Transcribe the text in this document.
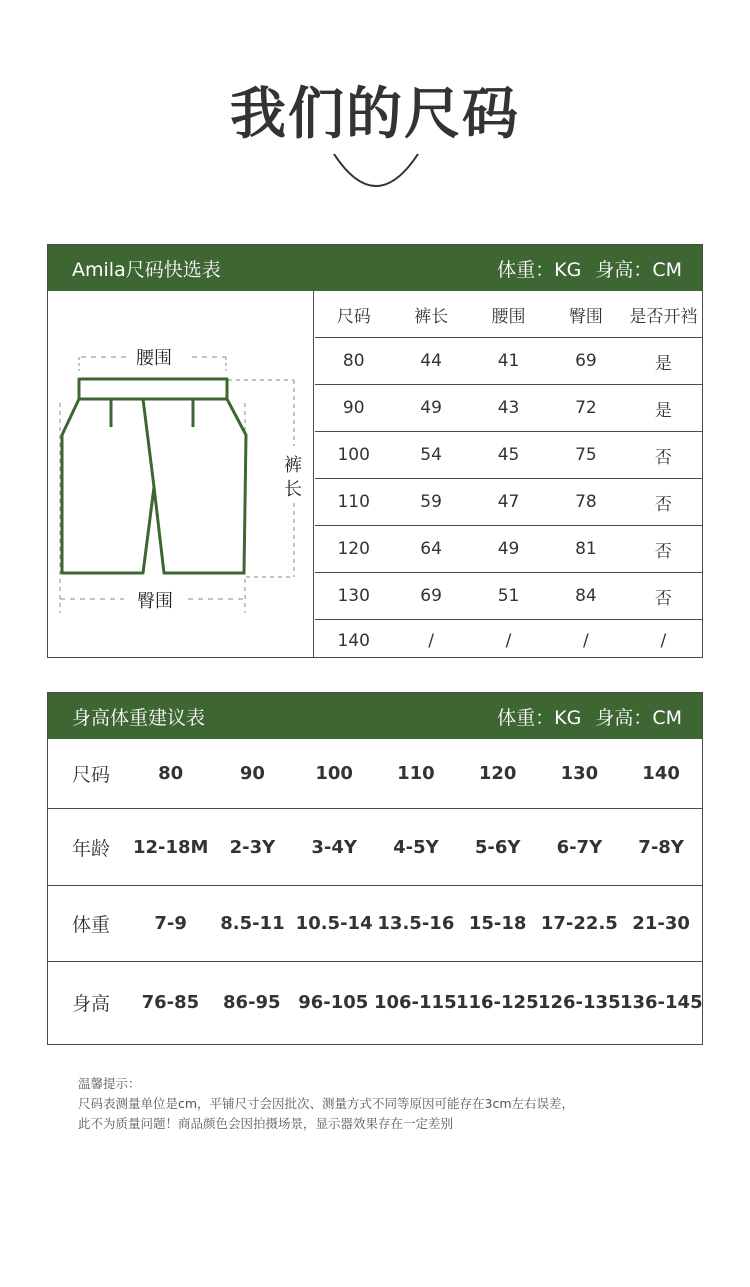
我们的尺码
Amila尺码快选表	体重：KG 身高：CM
腰围
裤
长
臀围
尺码	裤长	腰围	臀围	是否开裆
80	44	41	69	是
90	49	43	72	是
100	54	45	75	否
110	59	47	78	否
120	64	49	81	否
130	69	51	84	否
140	/	/	/	/
身高体重建议表	体重：KG 身高：CM
尺码	80	90	100	110	120	130	140
年龄	12-18M	2-3Y	3-4Y	4-5Y	5-6Y	6-7Y	7-8Y
体重	7-9	8.5-11 10.5-14 13.5-16 15-18 17-22.5 21-30
身高	76-85	86-95 96-105 106-115 116-125 126-135 136-145
温馨提示：
尺码表测量单位是cm，平铺尺寸会因批次、测量方式不同等原因可能存在3cm左右误差，
此不为质量问题！商品颜色会因拍摄场景，显示器效果存在一定差别
